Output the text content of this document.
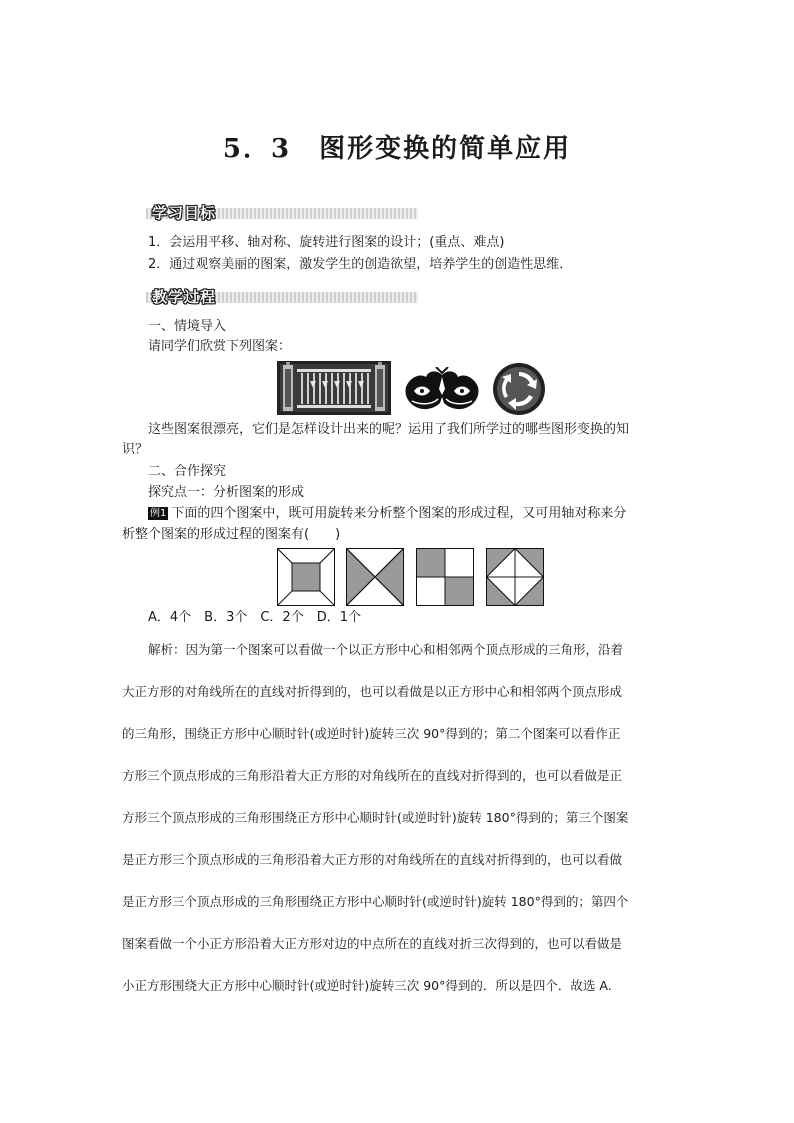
5．3　图形变换的简单应用
学习目标
1．会运用平移、轴对称、旋转进行图案的设计；(重点、难点)
2．通过观察美丽的图案，激发学生的创造欲望，培养学生的创造性思维．
教学过程
一、情境导入
请同学们欣赏下列图案：
这些图案很漂亮，它们是怎样设计出来的呢？运用了我们所学过的哪些图形变换的知
识？
二、合作探究
探究点一：分析图案的形成
例1 下面的四个图案中，既可用旋转来分析整个图案的形成过程，又可用轴对称来分
析整个图案的形成过程的图案有(　　)
A．4个　B．3个　C．2个　D．1个
解析：因为第一个图案可以看做一个以正方形中心和相邻两个顶点形成的三角形，沿着
大正方形的对角线所在的直线对折得到的，也可以看做是以正方形中心和相邻两个顶点形成
的三角形，围绕正方形中心顺时针(或逆时针)旋转三次 90°得到的；第二个图案可以看作正
方形三个顶点形成的三角形沿着大正方形的对角线所在的直线对折得到的，也可以看做是正
方形三个顶点形成的三角形围绕正方形中心顺时针(或逆时针)旋转 180°得到的；第三个图案
是正方形三个顶点形成的三角形沿着大正方形的对角线所在的直线对折得到的，也可以看做
是正方形三个顶点形成的三角形围绕正方形中心顺时针(或逆时针)旋转 180°得到的；第四个
图案看做一个小正方形沿着大正方形对边的中点所在的直线对折三次得到的，也可以看做是
小正方形围绕大正方形中心顺时针(或逆时针)旋转三次 90°得到的．所以是四个．故选 A.
